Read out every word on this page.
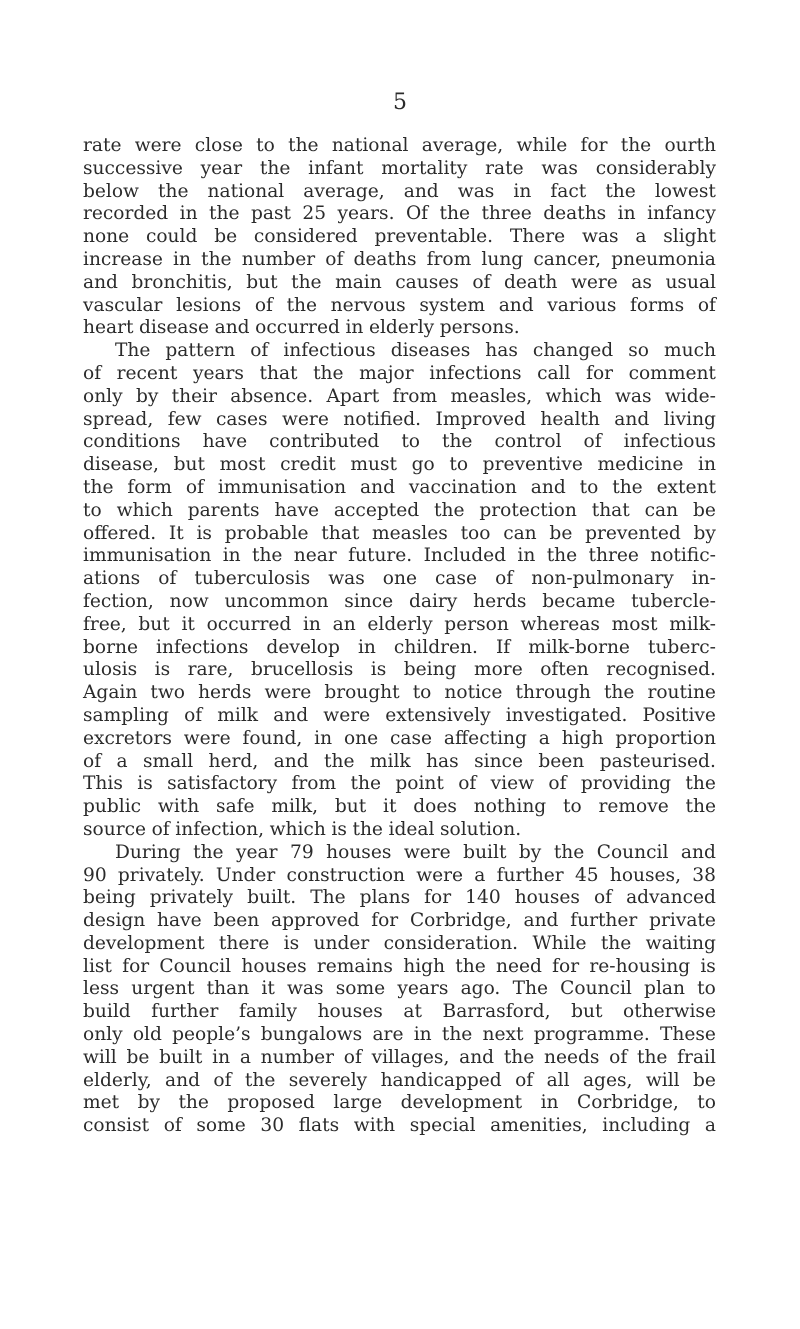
5
rate were close to the national average, while for the ourth
successive year the infant mortality rate was considerably
below the national average, and was in fact the lowest
recorded in the past 25 years. Of the three deaths in infancy
none could be considered preventable. There was a slight
increase in the number of deaths from lung cancer, pneumonia
and bronchitis, but the main causes of death were as usual
vascular lesions of the nervous system and various forms of
heart disease and occurred in elderly persons.
The pattern of infectious diseases has changed so much
of recent years that the major infections call for comment
only by their absence. Apart from measles, which was wide-
spread, few cases were notified. Improved health and living
conditions have contributed to the control of infectious
disease, but most credit must go to preventive medicine in
the form of immunisation and vaccination and to the extent
to which parents have accepted the protection that can be
offered. It is probable that measles too can be prevented by
immunisation in the near future. Included in the three notific-
ations of tuberculosis was one case of non-pulmonary in-
fection, now uncommon since dairy herds became tubercle-
free, but it occurred in an elderly person whereas most milk-
borne infections develop in children. If milk-borne tuberc-
ulosis is rare, brucellosis is being more often recognised.
Again two herds were brought to notice through the routine
sampling of milk and were extensively investigated. Positive
excretors were found, in one case affecting a high proportion
of a small herd, and the milk has since been pasteurised.
This is satisfactory from the point of view of providing the
public with safe milk, but it does nothing to remove the
source of infection, which is the ideal solution.
During the year 79 houses were built by the Council and
90 privately. Under construction were a further 45 houses, 38
being privately built. The plans for 140 houses of advanced
design have been approved for Corbridge, and further private
development there is under consideration. While the waiting
list for Council houses remains high the need for re-housing is
less urgent than it was some years ago. The Council plan to
build further family houses at Barrasford, but otherwise
only old people’s bungalows are in the next programme. These
will be built in a number of villages, and the needs of the frail
elderly, and of the severely handicapped of all ages, will be
met by the proposed large development in Corbridge, to
consist of some 30 flats with special amenities, including a
